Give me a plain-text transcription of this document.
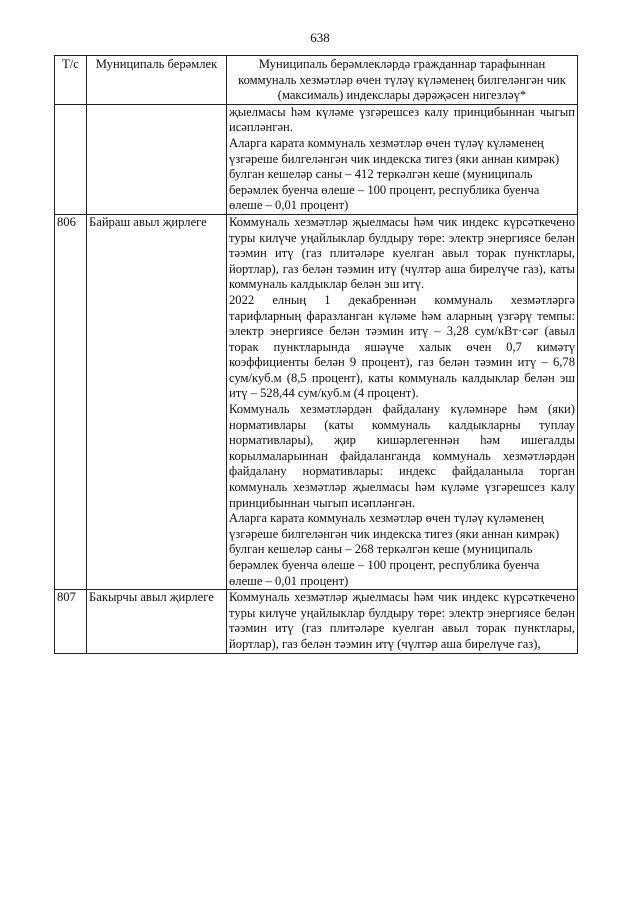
638
Т/с	Муниципаль берәмлек	Муниципаль берәмлекләрдә гражданнар тарафыннан коммуналь хезмәтләр өчен түләү күләменең билгеләнгән чик (максималь) индекслары дәрәҗәсен нигезләү*

		җыелмасы һәм күләме үзгәрешсез калу принцибыннан чыгып исәпләнгән.

Аларга карата коммуналь хезмәтләр өчен түләү күләменең үзгәреше билгеләнгән чик индекска тигез (яки аннан кимрәк) булган кешеләр саны – 412 теркәлгән кеше (муниципаль берәмлек буенча өлеше – 100 процент, республика буенча өлеше – 0,01 процент)

806	Байраш авыл җирлеге	Коммуналь хезмәтләр җыелмасы һәм чик индекс күрсәткечено туры килүче уңайлыклар булдыру төре: электр энергиясе белән тәэмин итү (газ плитәләре куелган авыл торак пунктлары, йортлар), газ белән тәэмин итү (чүлтәр аша бирелүче газ), каты коммуналь калдыклар белән эш итү.

2022 елның 1 декабреннән коммуналь хезмәтләргә тарифларның фаразланган күләме һәм аларның үзгәрү темпы: электр энергиясе белән тәэмин итү – 3,28 сум/кВт·сәг (авыл торак пунктларында яшәүче халык өчен 0,7 кимәтү коэффициенты белән 9 процент), газ белән тәэмин итү – 6,78 сум/куб.м (8,5 процент), каты коммуналь калдыклар белән эш итү – 528,44 сум/куб.м (4 процент).

Коммуналь хезмәтләрдән файдалану күләмнәре һәм (яки) нормативлары (каты коммуналь калдыкларны туплау нормативлары), җир кишәрлегеннән һәм ишегалды корылмаларыннан файдаланганда коммуналь хезмәтләрдән файдалану нормативлары: индекс файдаланыла торган коммуналь хезмәтләр җыелмасы һәм күләме үзгәрешсез калу принцибыннан чыгып исәпләнгән.

Аларга карата коммуналь хезмәтләр өчен түләү күләменең үзгәреше билгеләнгән чик индекска тигез (яки аннан кимрәк) булган кешеләр саны – 268 теркәлгән кеше (муниципаль берәмлек буенча өлеше – 100 процент, республика буенча өлеше – 0,01 процент)

807	Бакырчы авыл җирлеге	Коммуналь хезмәтләр җыелмасы һәм чик индекс күрсәткечено туры килүче уңайлыклар булдыру төре: электр энергиясе белән тәэмин итү (газ плитәләре куелган авыл торак пунктлары, йортлар), газ белән тәэмин итү (чүлтәр аша бирелүче газ),
